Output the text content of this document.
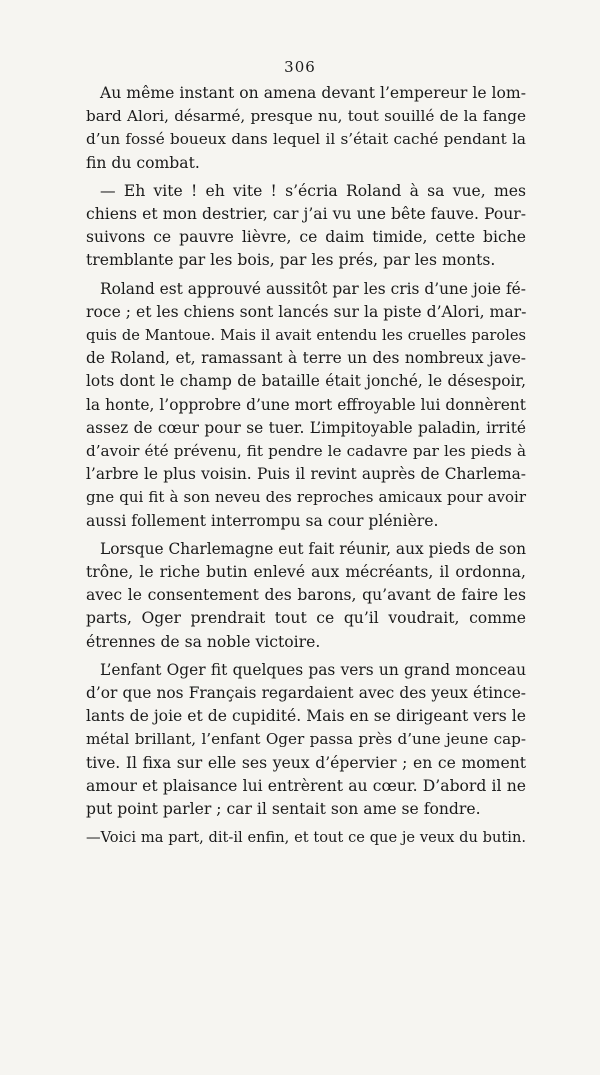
306

Au même instant on amena devant l’empereur le lom-
bard Alori, désarmé, presque nu, tout souillé de la fange
d’un fossé boueux dans lequel il s’était caché pendant la
fin du combat.

— Eh vite ! eh vite ! s’écria Roland à sa vue, mes
chiens et mon destrier, car j’ai vu une bête fauve. Pour-
suivons ce pauvre lièvre, ce daim timide, cette biche
tremblante par les bois, par les prés, par les monts.

Roland est approuvé aussitôt par les cris d’une joie fé-
roce ; et les chiens sont lancés sur la piste d’Alori, mar-
quis de Mantoue. Mais il avait entendu les cruelles paroles
de Roland, et, ramassant à terre un des nombreux jave-
lots dont le champ de bataille était jonché, le désespoir,
la honte, l’opprobre d’une mort effroyable lui donnèrent
assez de cœur pour se tuer. L’impitoyable paladin, irrité
d’avoir été prévenu, fit pendre le cadavre par les pieds à
l’arbre le plus voisin. Puis il revint auprès de Charlema-
gne qui fit à son neveu des reproches amicaux pour avoir
aussi follement interrompu sa cour plénière.

Lorsque Charlemagne eut fait réunir, aux pieds de son
trône, le riche butin enlevé aux mécréants, il ordonna,
avec le consentement des barons, qu’avant de faire les
parts, Oger prendrait tout ce qu’il voudrait, comme
étrennes de sa noble victoire.

L’enfant Oger fit quelques pas vers un grand monceau
d’or que nos Français regardaient avec des yeux étince-
lants de joie et de cupidité. Mais en se dirigeant vers le
métal brillant, l’enfant Oger passa près d’une jeune cap-
tive. Il fixa sur elle ses yeux d’épervier ; en ce moment
amour et plaisance lui entrèrent au cœur. D’abord il ne
put point parler ; car il sentait son ame se fondre.

—Voici ma part, dit-il enfin, et tout ce que je veux du butin.
